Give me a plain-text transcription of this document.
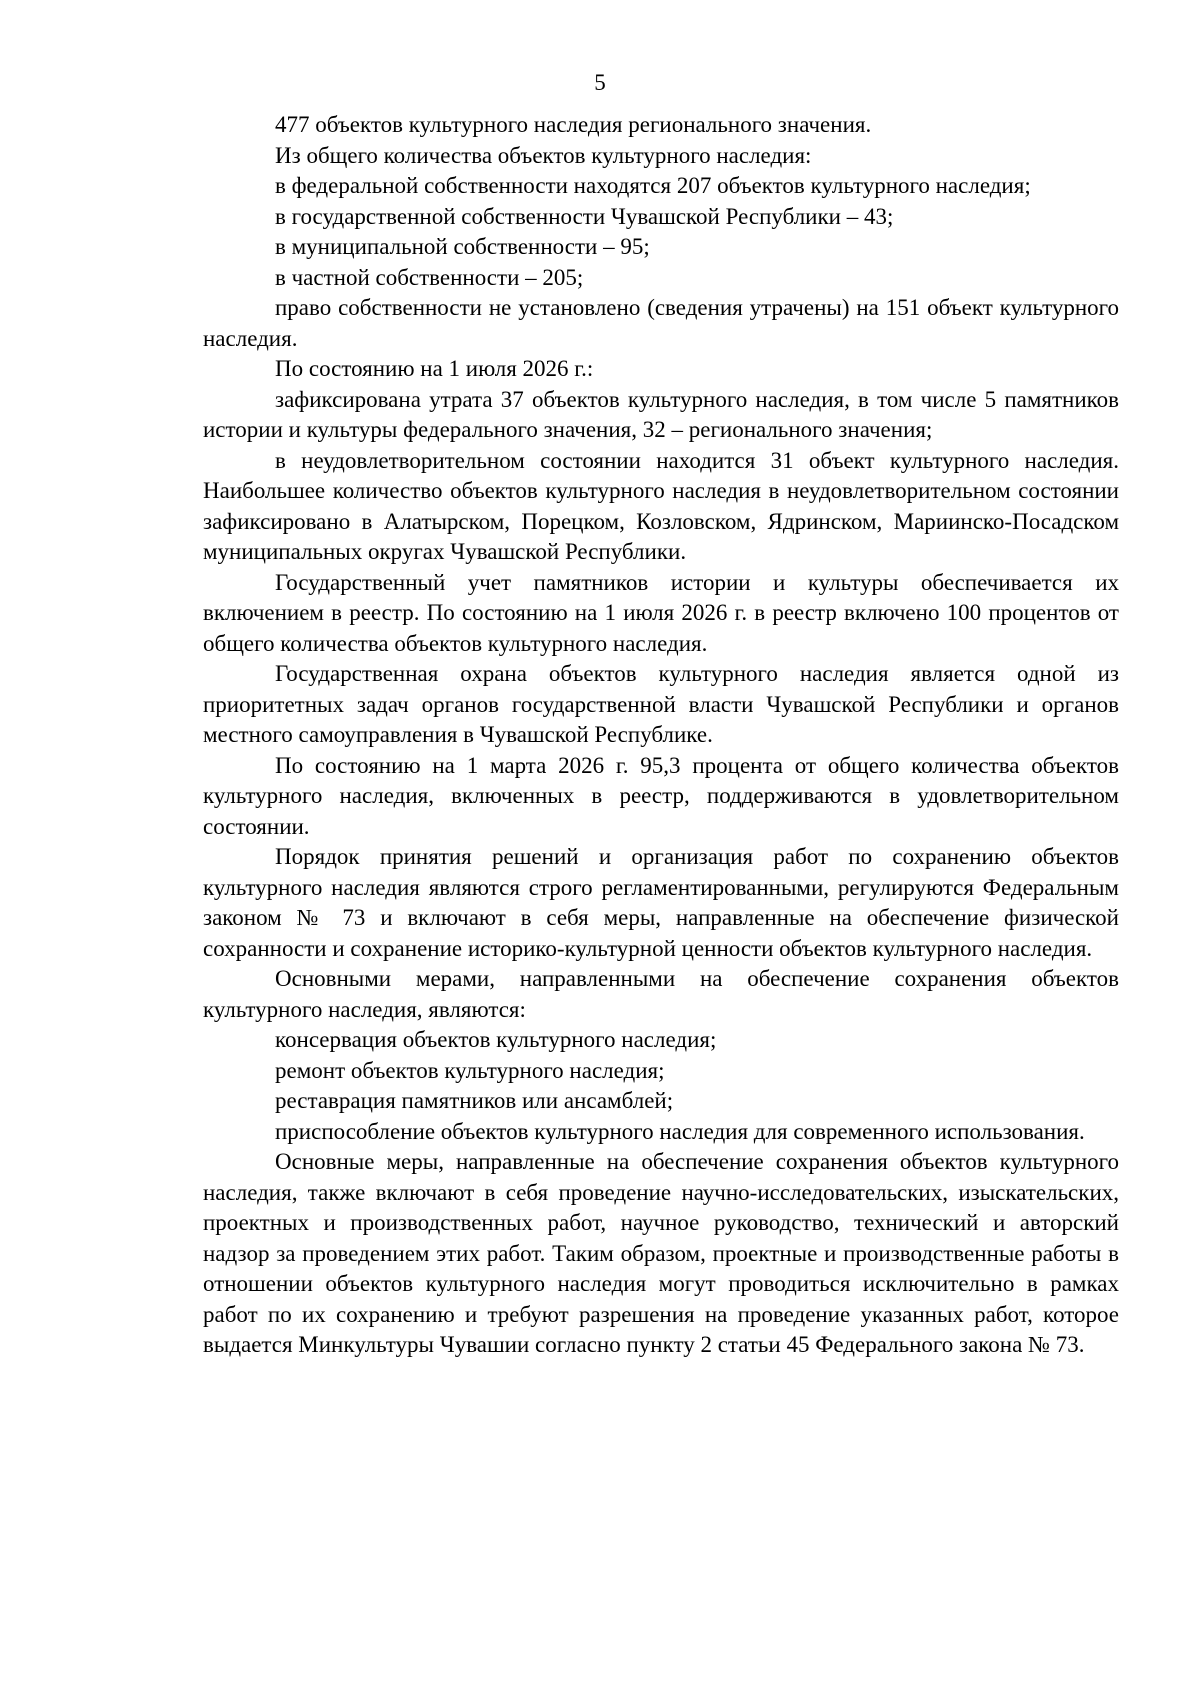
5

477 объектов культурного наследия регионального значения.

Из общего количества объектов культурного наследия:

в федеральной собственности находятся 207 объектов культурного наследия;

в государственной собственности Чувашской Республики – 43;

в муниципальной собственности – 95;

в частной собственности – 205;

право собственности не установлено (сведения утрачены) на 151 объект культурного наследия.

По состоянию на 1 июля 2026 г.:

зафиксирована утрата 37 объектов культурного наследия, в том числе 5 памятников истории и культуры федерального значения, 32 – регионального значения;

в неудовлетворительном состоянии находится 31 объект культурного наследия. Наибольшее количество объектов культурного наследия в неудовлетворительном состоянии зафиксировано в Алатырском, Порецком, Козловском, Ядринском, Мариинско-Посадском муниципальных округах Чувашской Республики.

Государственный учет памятников истории и культуры обеспечивается их включением в реестр. По состоянию на 1 июля 2026 г. в реестр включено 100 процентов от общего количества объектов культурного наследия.

Государственная охрана объектов культурного наследия является одной из приоритетных задач органов государственной власти Чувашской Республики и органов местного самоуправления в Чувашской Республике.

По состоянию на 1 марта 2026 г. 95,3 процента от общего количества объектов культурного наследия, включенных в реестр, поддерживаются в удовлетворительном состоянии.

Порядок принятия решений и организация работ по сохранению объектов культурного наследия являются строго регламентированными, регулируются Федеральным законом № 73 и включают в себя меры, направленные на обеспечение физической сохранности и сохранение историко-культурной ценности объектов культурного наследия.

Основными мерами, направленными на обеспечение сохранения объектов культурного наследия, являются:

консервация объектов культурного наследия;

ремонт объектов культурного наследия;

реставрация памятников или ансамблей;

приспособление объектов культурного наследия для современного использования.

Основные меры, направленные на обеспечение сохранения объектов культурного наследия, также включают в себя проведение научно-исследовательских, изыскательских, проектных и производственных работ, научное руководство, технический и авторский надзор за проведением этих работ. Таким образом, проектные и производственные работы в отношении объектов культурного наследия могут проводиться исключительно в рамках работ по их сохранению и требуют разрешения на проведение указанных работ, которое выдается Минкультуры Чувашии согласно пункту 2 статьи 45 Федерального закона № 73.
